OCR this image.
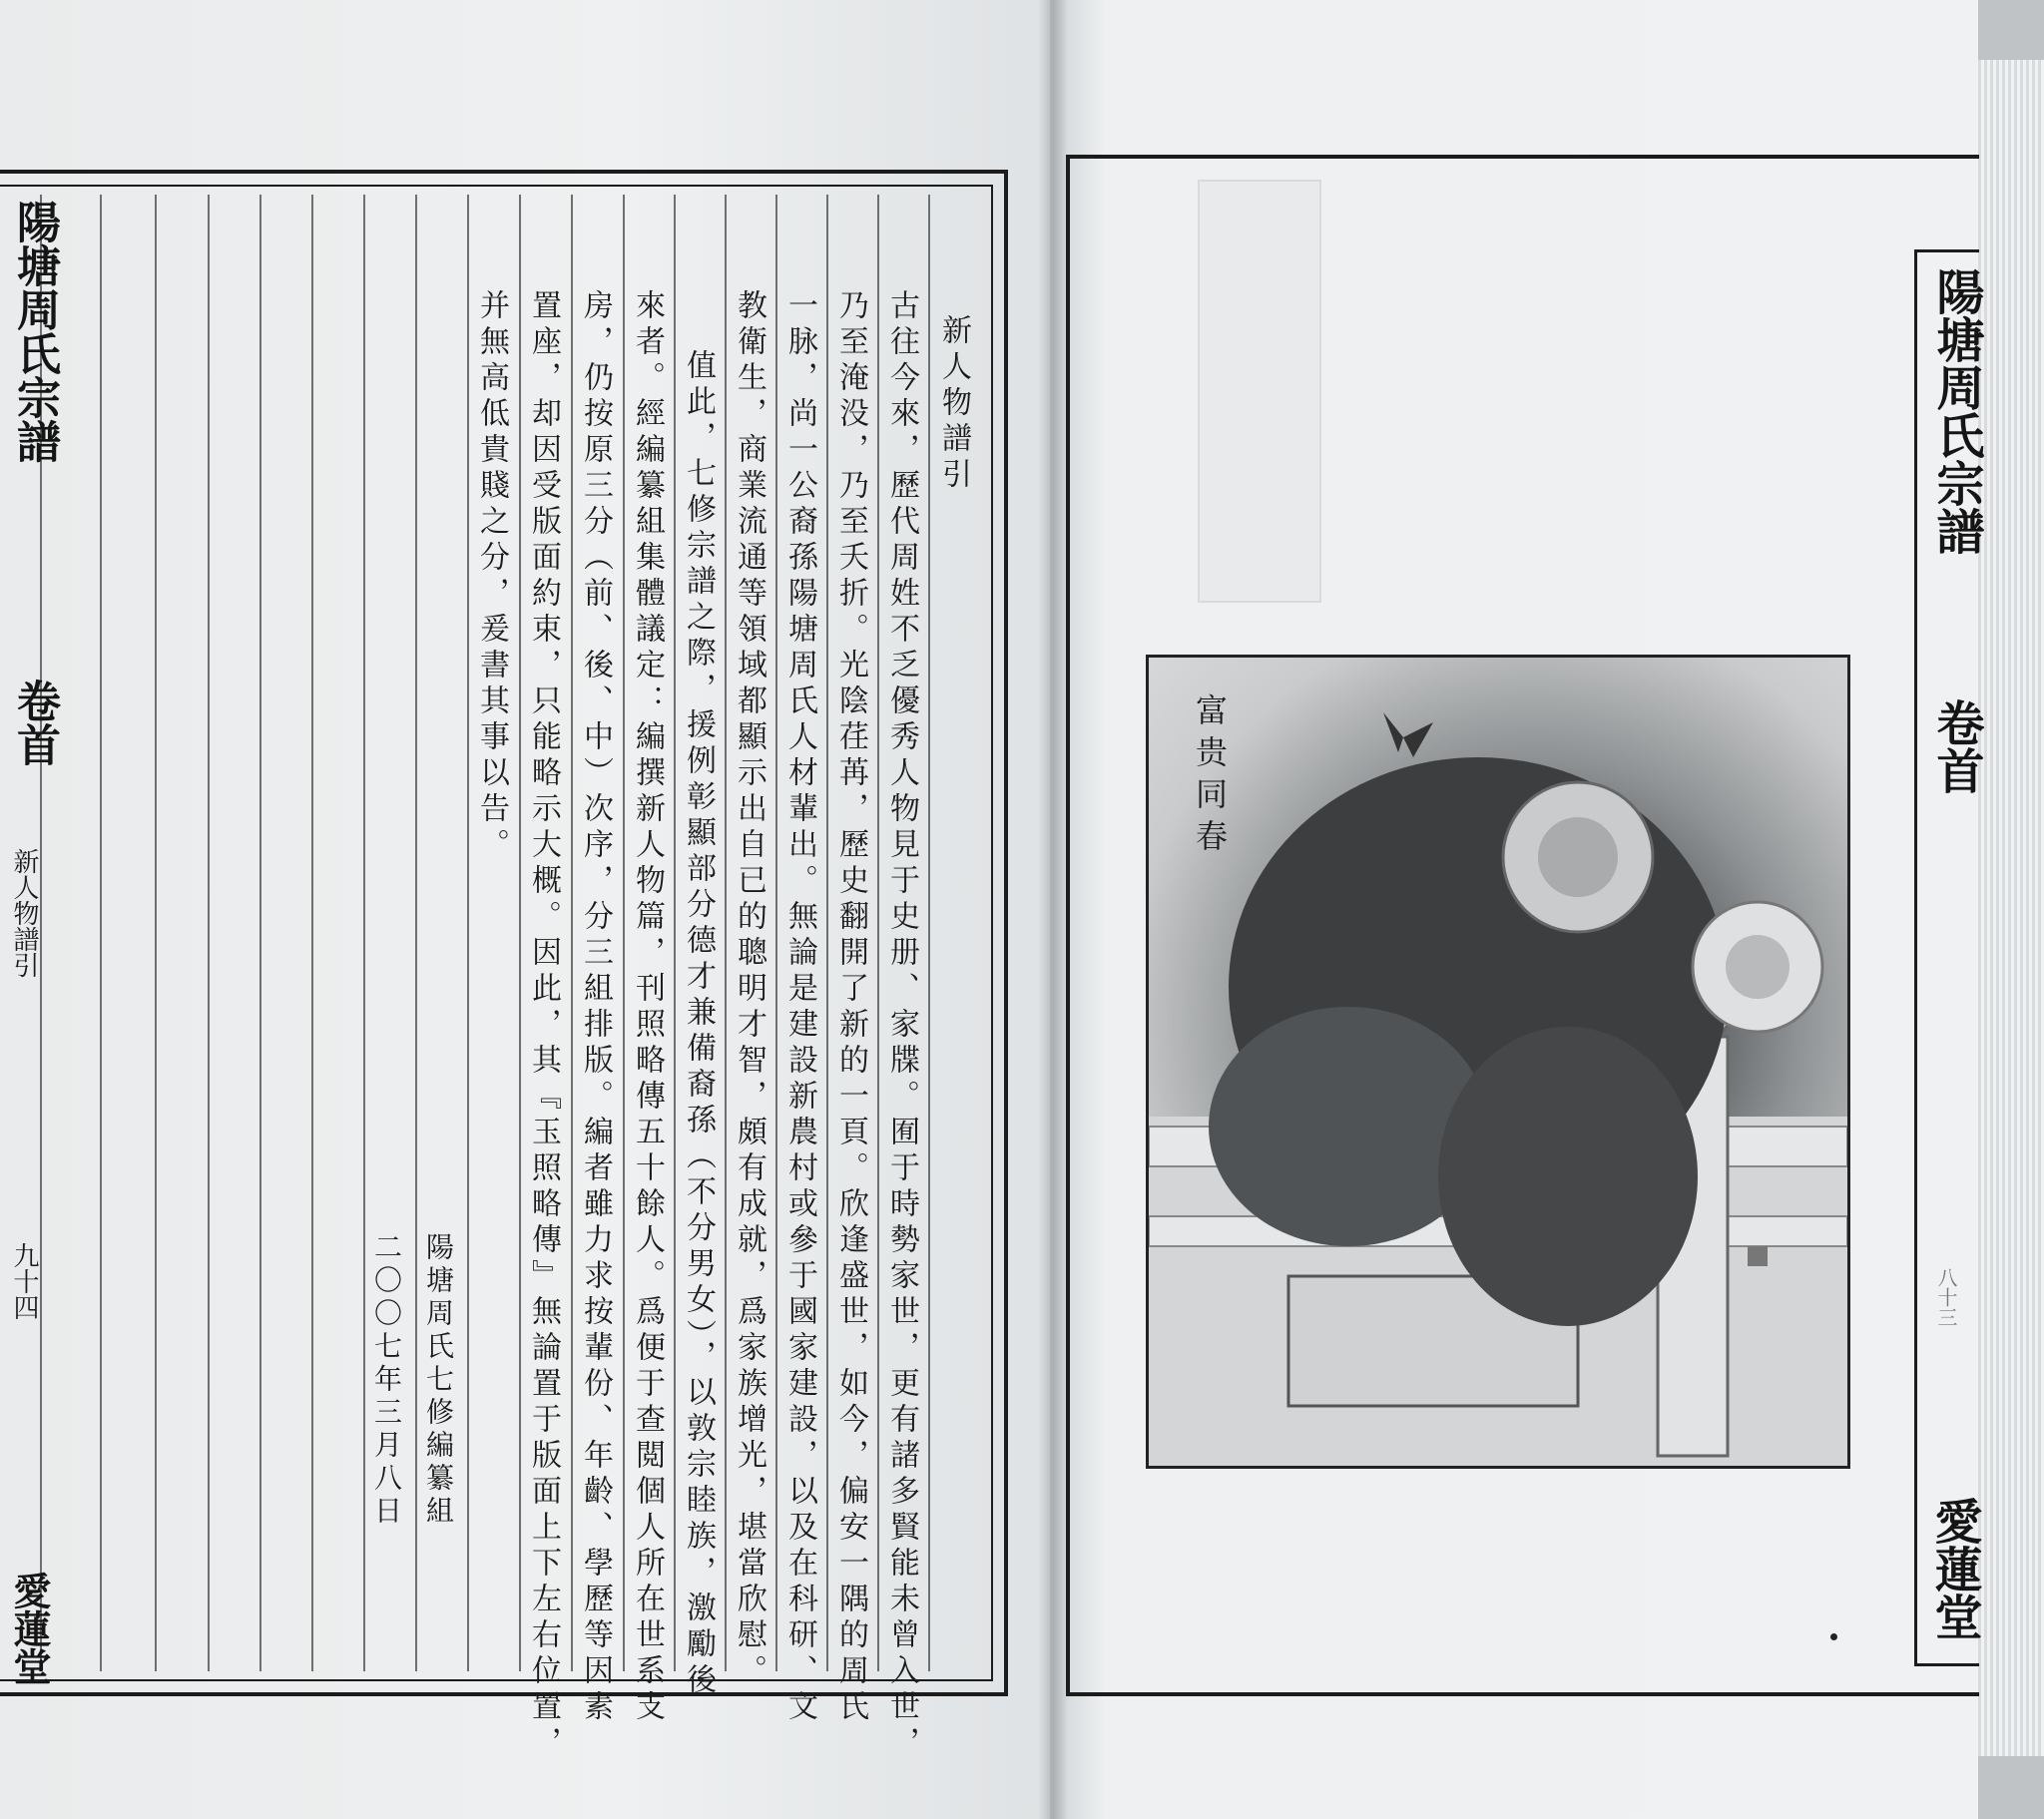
陽塘周氏宗譜
卷首
新人物譜引
九十四
愛蓮堂
新人物譜引
古往今來，歷代周姓不乏優秀人物見于史册、家牒。囿于時勢家世，更有諸多賢能未曾入世，
乃至淹没，乃至夭折。光陰荏苒，歷史翻開了新的一頁。欣逢盛世，如今，偏安一隅的周氏
一脉，尚一公裔孫陽塘周氏人材輩出。無論是建設新農村或參于國家建設，以及在科研、文
教衛生，商業流通等領域都顯示出自已的聰明才智，頗有成就，爲家族增光，堪當欣慰。
值此，七修宗譜之際，援例彰顯部分德才兼備裔孫（不分男女），以敦宗睦族，激勵後
來者。經編纂組集體議定：編撰新人物篇，刊照略傳五十餘人。爲便于查閲個人所在世系支
房，仍按原三分（前、後、中）次序，分三組排版。編者雖力求按輩份、年齡、學歷等因素
置座，却因受版面約束，只能略示大概。因此，其『玉照略傳』無論置于版面上下左右位置，
并無高低貴賤之分，爰書其事以告。
陽塘周氏七修編纂組
二〇〇七年三月八日
陽塘周氏宗譜
卷首
八十三
愛蓮堂
富贵同春
